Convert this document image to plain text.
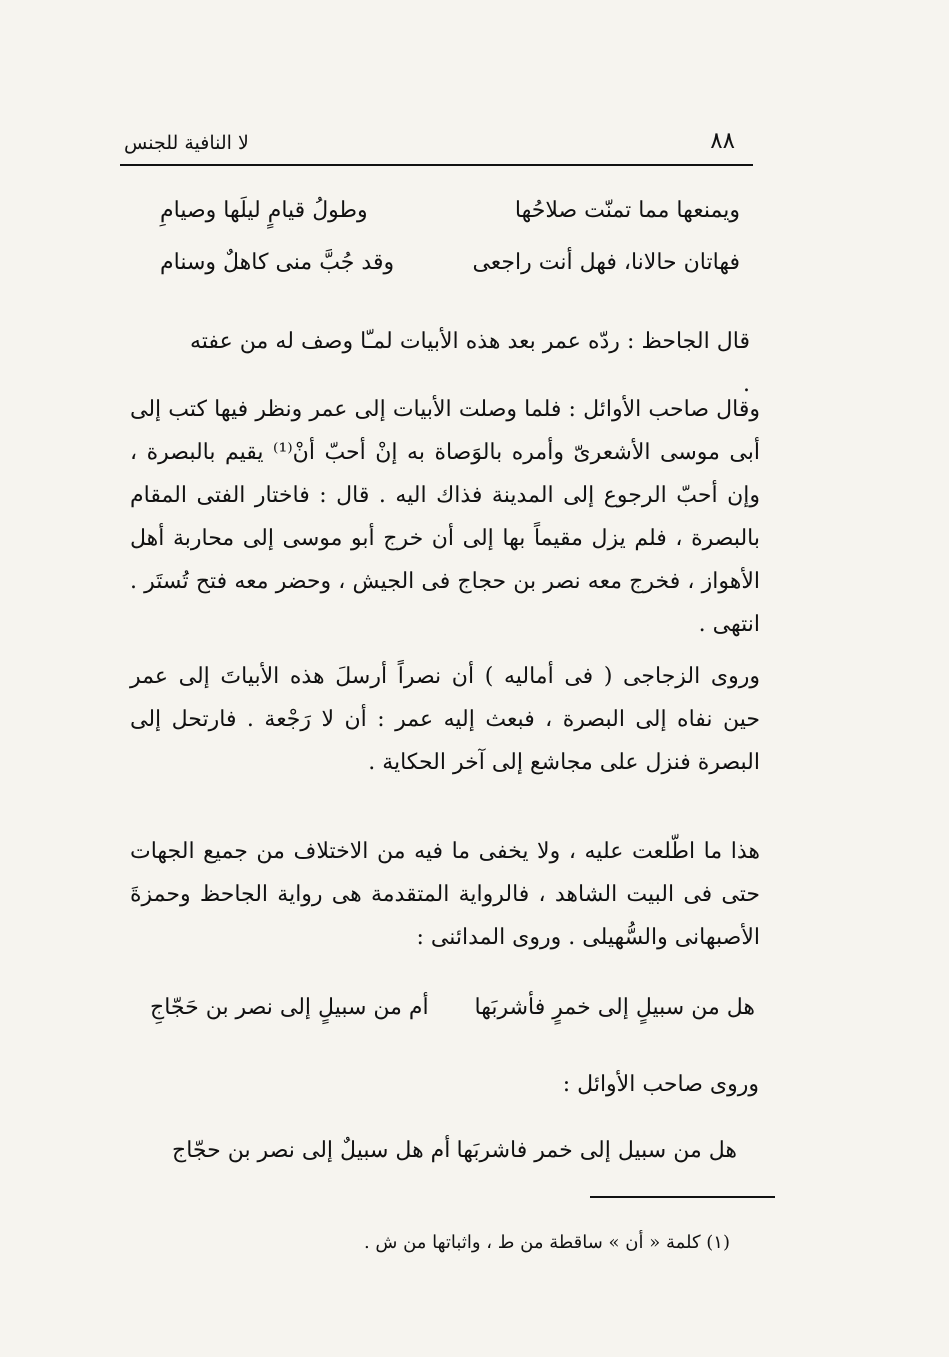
٨٨
لا النافية للجنس
ويمنعها مما تمنّت صلاحُها
وطولُ قيامٍ ليلَها وصيامِ
فهاتان حالانا، فهل أنت راجعى
وقد جُبَّ منى كاهلٌ وسنام
قال الجاحظ : ردّه عمر بعد هذه الأبيات لمـّا وصف له من عفته .
وقال صاحب الأوائل : فلما وصلت الأبيات إلى عمر ونظر فيها كتب إلى أبى موسى الأشعرىّ وأمره بالوَصاة به إنْ أحبّ أنْ⁽¹⁾ يقيم بالبصرة ، وإن أحبّ الرجوع إلى المدينة فذاك اليه . قال : فاختار الفتى المقام بالبصرة ، فلم يزل مقيماً بها إلى أن خرج أبو موسى إلى محاربة أهل الأهواز ، فخرج معه نصر بن حجاج فى الجيش ، وحضر معه فتح تُستَر . انتهى .
وروى الزجاجى ( فى أماليه ) أن نصراً أرسلَ هذه الأبياتَ إلى عمر حين نفاه إلى البصرة ، فبعث إليه عمر : أن لا رَجْعة . فارتحل إلى البصرة فنزل على مجاشع إلى آخر الحكاية .
هذا ما اطّلعت عليه ، ولا يخفى ما فيه من الاختلاف من جميع الجهات حتى فى البيت الشاهد ، فالرواية المتقدمة هى رواية الجاحظ وحمزةَ الأصبهانى والسُّهيلى . وروى المدائنى :
هل من سبيلٍ إلى خمرٍ فأشربَها
أم من سبيلٍ إلى نصر بن حَجّاجِ
وروى صاحب الأوائل :
هل من سبيل إلى خمر فاشربَها
أم هل سبيلٌ إلى نصر بن حجّاج
(١) كلمة « أن » ساقطة من ط ، واثباتها من ش .
